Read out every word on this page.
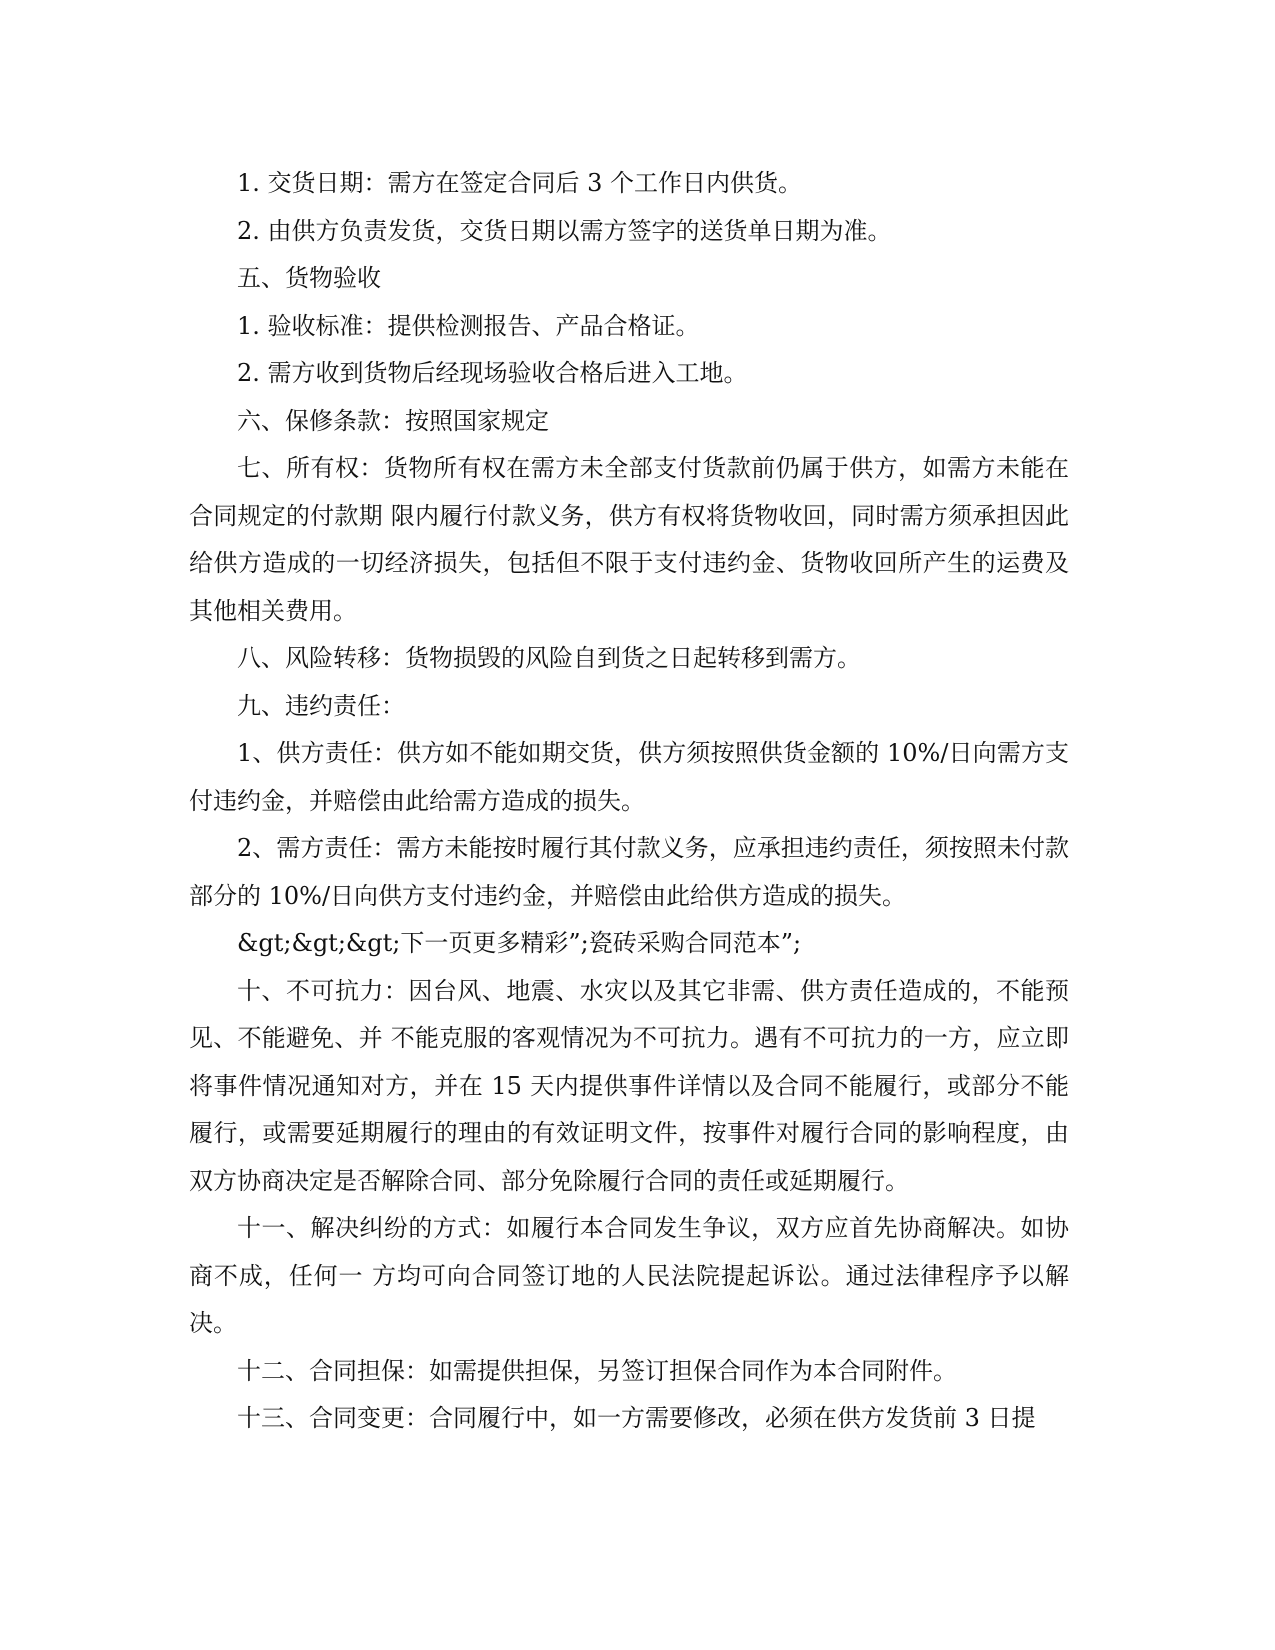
1. 交货日期：需方在签定合同后 3 个工作日内供货。

2. 由供方负责发货，交货日期以需方签字的送货单日期为准。

五、货物验收

1. 验收标准：提供检测报告、产品合格证。

2. 需方收到货物后经现场验收合格后进入工地。

六、保修条款：按照国家规定

七、所有权：货物所有权在需方未全部支付货款前仍属于供方，如需方未能在合同规定的付款期 限内履行付款义务，供方有权将货物收回，同时需方须承担因此给供方造成的一切经济损失，包括但不限于支付违约金、货物收回所产生的运费及其他相关费用。

八、风险转移：货物损毁的风险自到货之日起转移到需方。

九、违约责任：

1、供方责任：供方如不能如期交货，供方须按照供货金额的 10%/日向需方支付违约金，并赔偿由此给需方造成的损失。

2、需方责任：需方未能按时履行其付款义务，应承担违约责任，须按照未付款部分的 10%/日向供方支付违约金，并赔偿由此给供方造成的损失。

&gt;&gt;&gt;下一页更多精彩”;瓷砖采购合同范本”;

十、不可抗力：因台风、地震、水灾以及其它非需、供方责任造成的，不能预见、不能避免、并 不能克服的客观情况为不可抗力。遇有不可抗力的一方，应立即将事件情况通知对方，并在 15 天内提供事件详情以及合同不能履行，或部分不能履行，或需要延期履行的理由的有效证明文件，按事件对履行合同的影响程度，由双方协商决定是否解除合同、部分免除履行合同的责任或延期履行。

十一、解决纠纷的方式：如履行本合同发生争议，双方应首先协商解决。如协商不成，任何一 方均可向合同签订地的人民法院提起诉讼。通过法律程序予以解决。

十二、合同担保：如需提供担保，另签订担保合同作为本合同附件。

十三、合同变更：合同履行中，如一方需要修改，必须在供方发货前 3 日提
